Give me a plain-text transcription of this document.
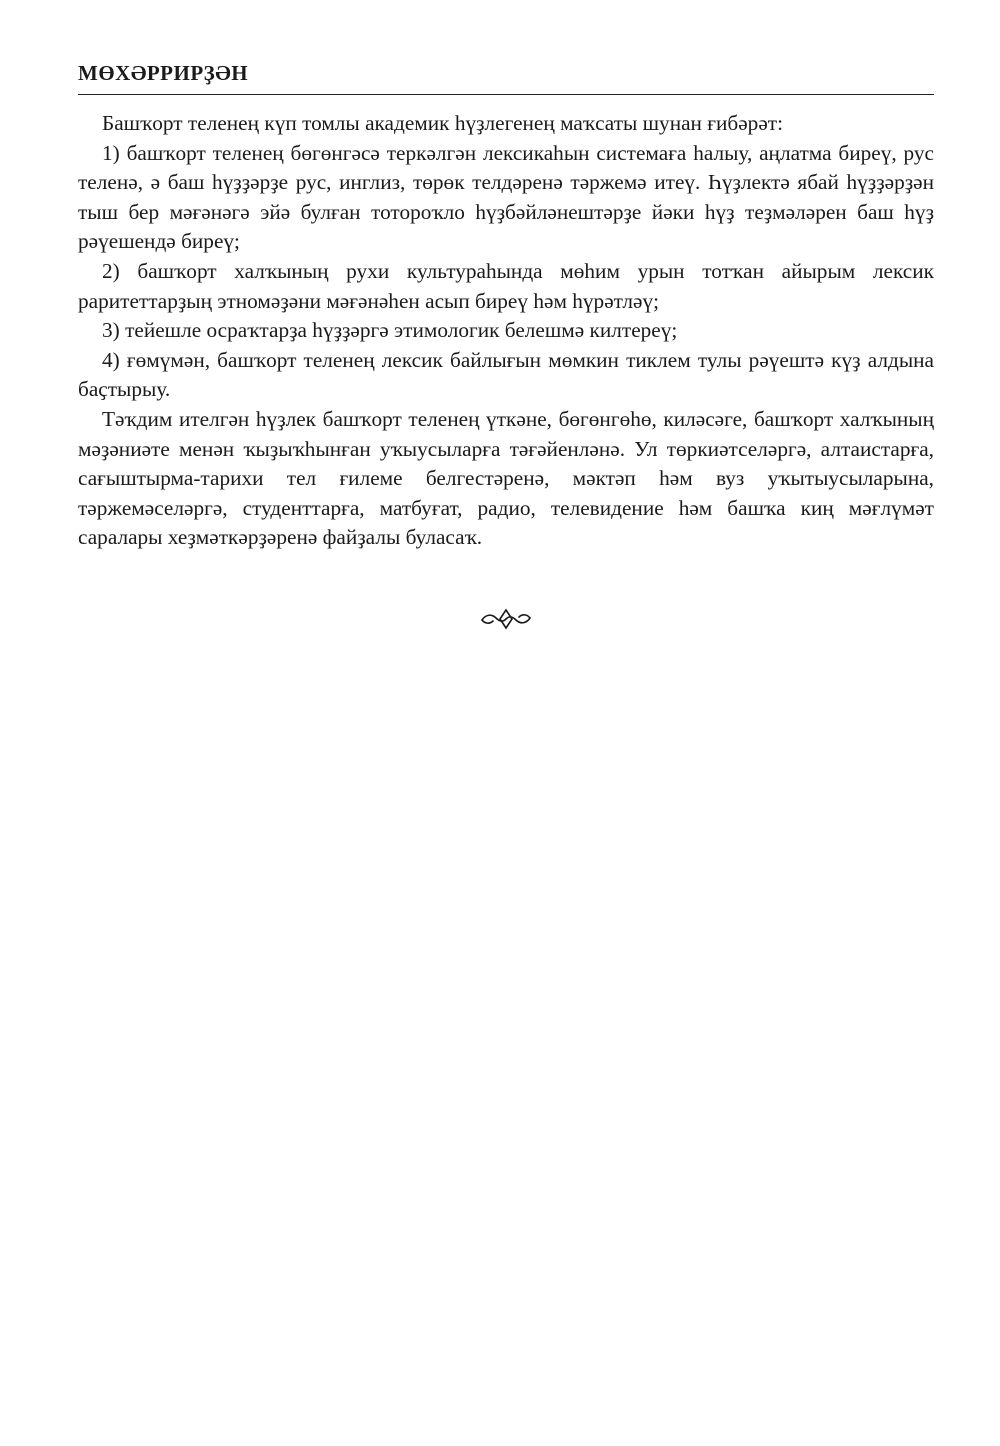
МӨХӘРРИРҘӘН

Башҡорт теленең күп томлы академик һүҙлегенең маҡсаты шунан ғибәрәт:

1) башҡорт теленең бөгөнгәсә теркәлгән лексикаһын системаға һалыу, аңлатма биреү, рус теленә, ә баш һүҙҙәрҙе рус, инглиз, төрөк телдәренә тәржемә итеү. Һүҙлектә ябай һүҙҙәрҙән тыш бер мәғәнәгә эйә булған тотороҡло һүҙбәйләнештәрҙе йәки һүҙ теҙмәләрен баш һүҙ рәүешендә биреү;

2) башҡорт халҡының рухи культураһында мөһим урын тотҡан айырым лексик раритеттарҙың этномәҙәни мәғәнәһен асып биреү һәм һүрәтләү;

3) тейешле осраҡтарҙа һүҙҙәргә этимологик белешмә килтереү;

4) ғөмүмән, башҡорт теленең лексик байлығын мөмкин тиклем тулы рәүештә күҙ алдына баҫтырыу.

Тәҡдим ителгән һүҙлек башҡорт теленең үткәне, бөгөнгөһө, киләсәге, башҡорт халҡының мәҙәниәте менән ҡыҙыҡһынған уҡыусыларға тәғәйенләнә. Ул төркиәтселәргә, алтаистарға, сағыштырма-тарихи тел ғилеме белгестәренә, мәктәп һәм вуз уҡытыусыларына, тәржемәселәргә, студенттарға, матбуғат, радио, телевидение һәм башҡа киң мәғлүмәт саралары хеҙмәткәрҙәренә файҙалы буласаҡ.
